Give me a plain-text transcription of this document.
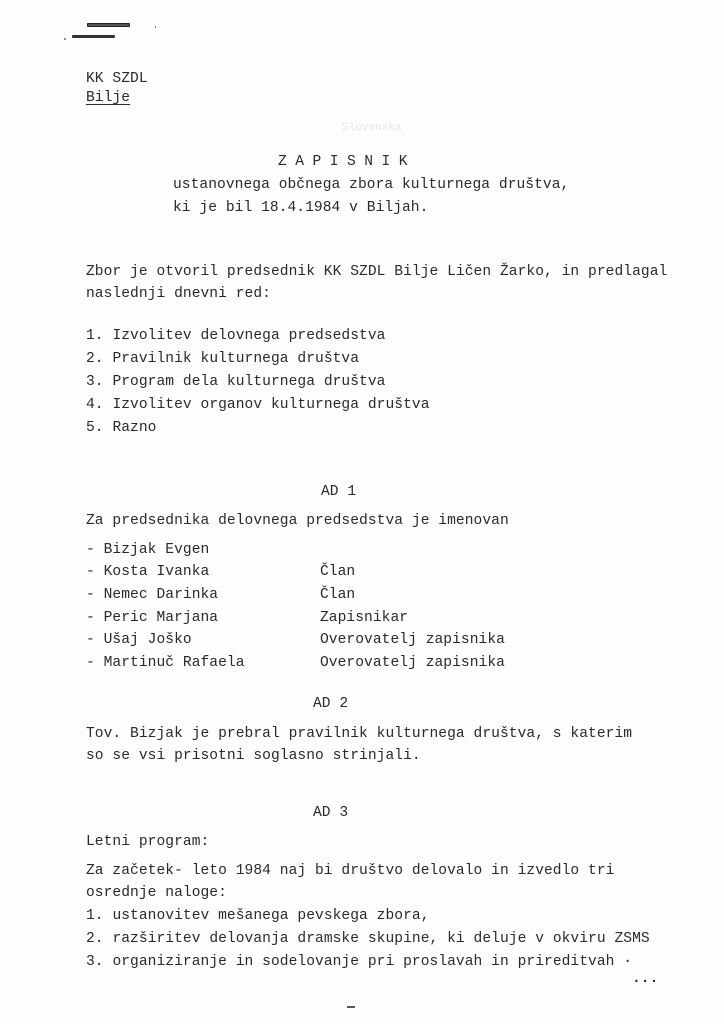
Slovenska
KK SZDL
Bilje
ZAPISNIK
ustanovnega občnega zbora kulturnega društva,
ki je bil 18.4.1984 v Biljah.
Zbor je otvoril predsednik KK SZDL Bilje Ličen Žarko, in predlagal
naslednji dnevni red:
1. Izvolitev delovnega predsedstva
2. Pravilnik kulturnega društva
3. Program dela kulturnega društva
4. Izvolitev organov kulturnega društva
5. Razno
AD 1
Za predsednika delovnega predsedstva je imenovan
- Bizjak Evgen
- Kosta Ivanka	Član
- Nemec Darinka	Član
- Peric Marjana	Zapisnikar
- Ušaj Joško	Overovatelj zapisnika
- Martinuč Rafaela	Overovatelj zapisnika
AD 2
Tov. Bizjak je prebral pravilnik kulturnega društva, s katerim
so se vsi prisotni soglasno strinjali.
AD 3
Letni program:
Za začetek- leto 1984 naj bi društvo delovalo in izvedlo tri
osrednje naloge:
1. ustanovitev mešanega pevskega zbora,
2. razširitev delovanja dramske skupine, ki deluje v okviru ZSMS
3. organiziranje in sodelovanje pri proslavah in prireditvah ·
...
